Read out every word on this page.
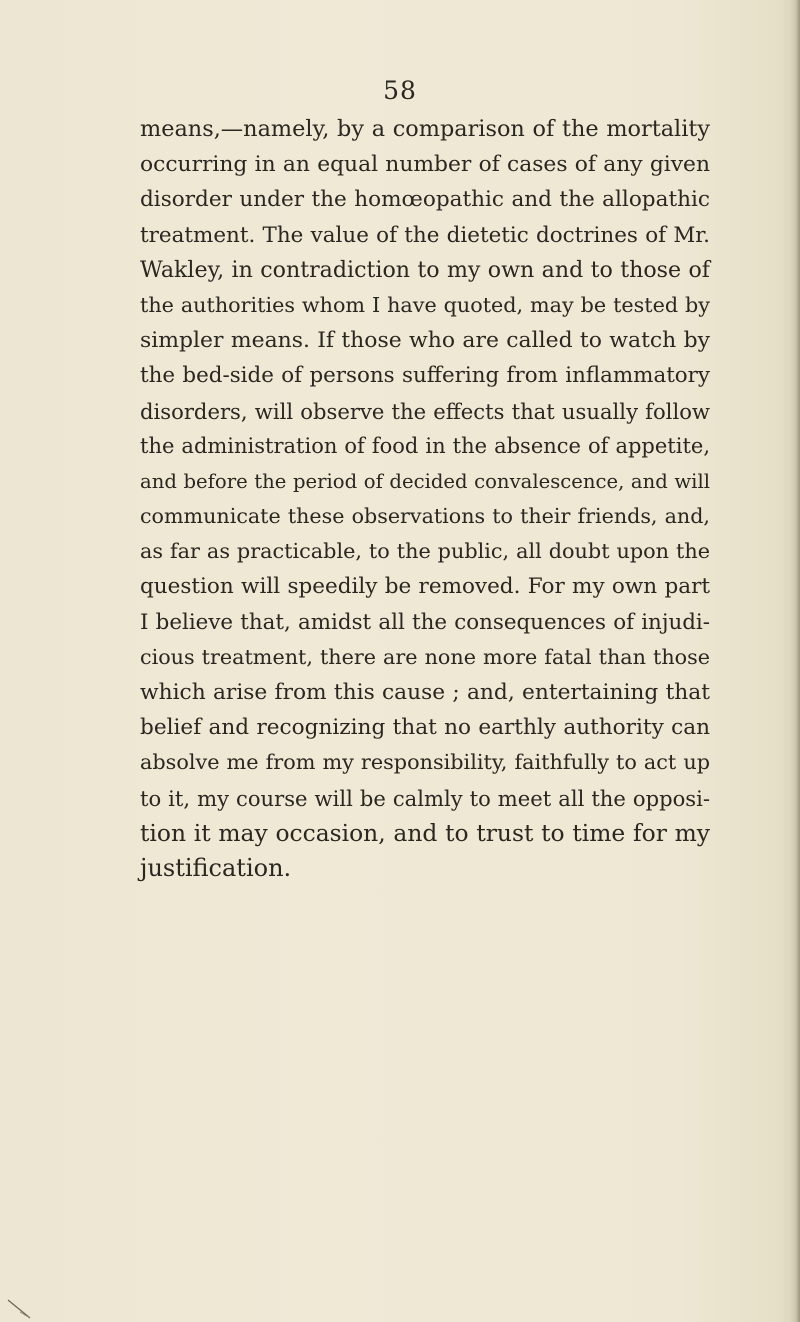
58
means,—namely, by a comparison of the mortality
occurring in an equal number of cases of any given
disorder under the homœopathic and the allopathic
treatment. The value of the dietetic doctrines of Mr.
Wakley, in contradiction to my own and to those of
the authorities whom I have quoted, may be tested by
simpler means. If those who are called to watch by
the bed-side of persons suffering from inflammatory
disorders, will observe the effects that usually follow
the administration of food in the absence of appetite,
and before the period of decided convalescence, and will
communicate these observations to their friends, and,
as far as practicable, to the public, all doubt upon the
question will speedily be removed. For my own part
I believe that, amidst all the consequences of injudi-
cious treatment, there are none more fatal than those
which arise from this cause ; and, entertaining that
belief and recognizing that no earthly authority can
absolve me from my responsibility, faithfully to act up
to it, my course will be calmly to meet all the opposi-
tion it may occasion, and to trust to time for my
justification.
